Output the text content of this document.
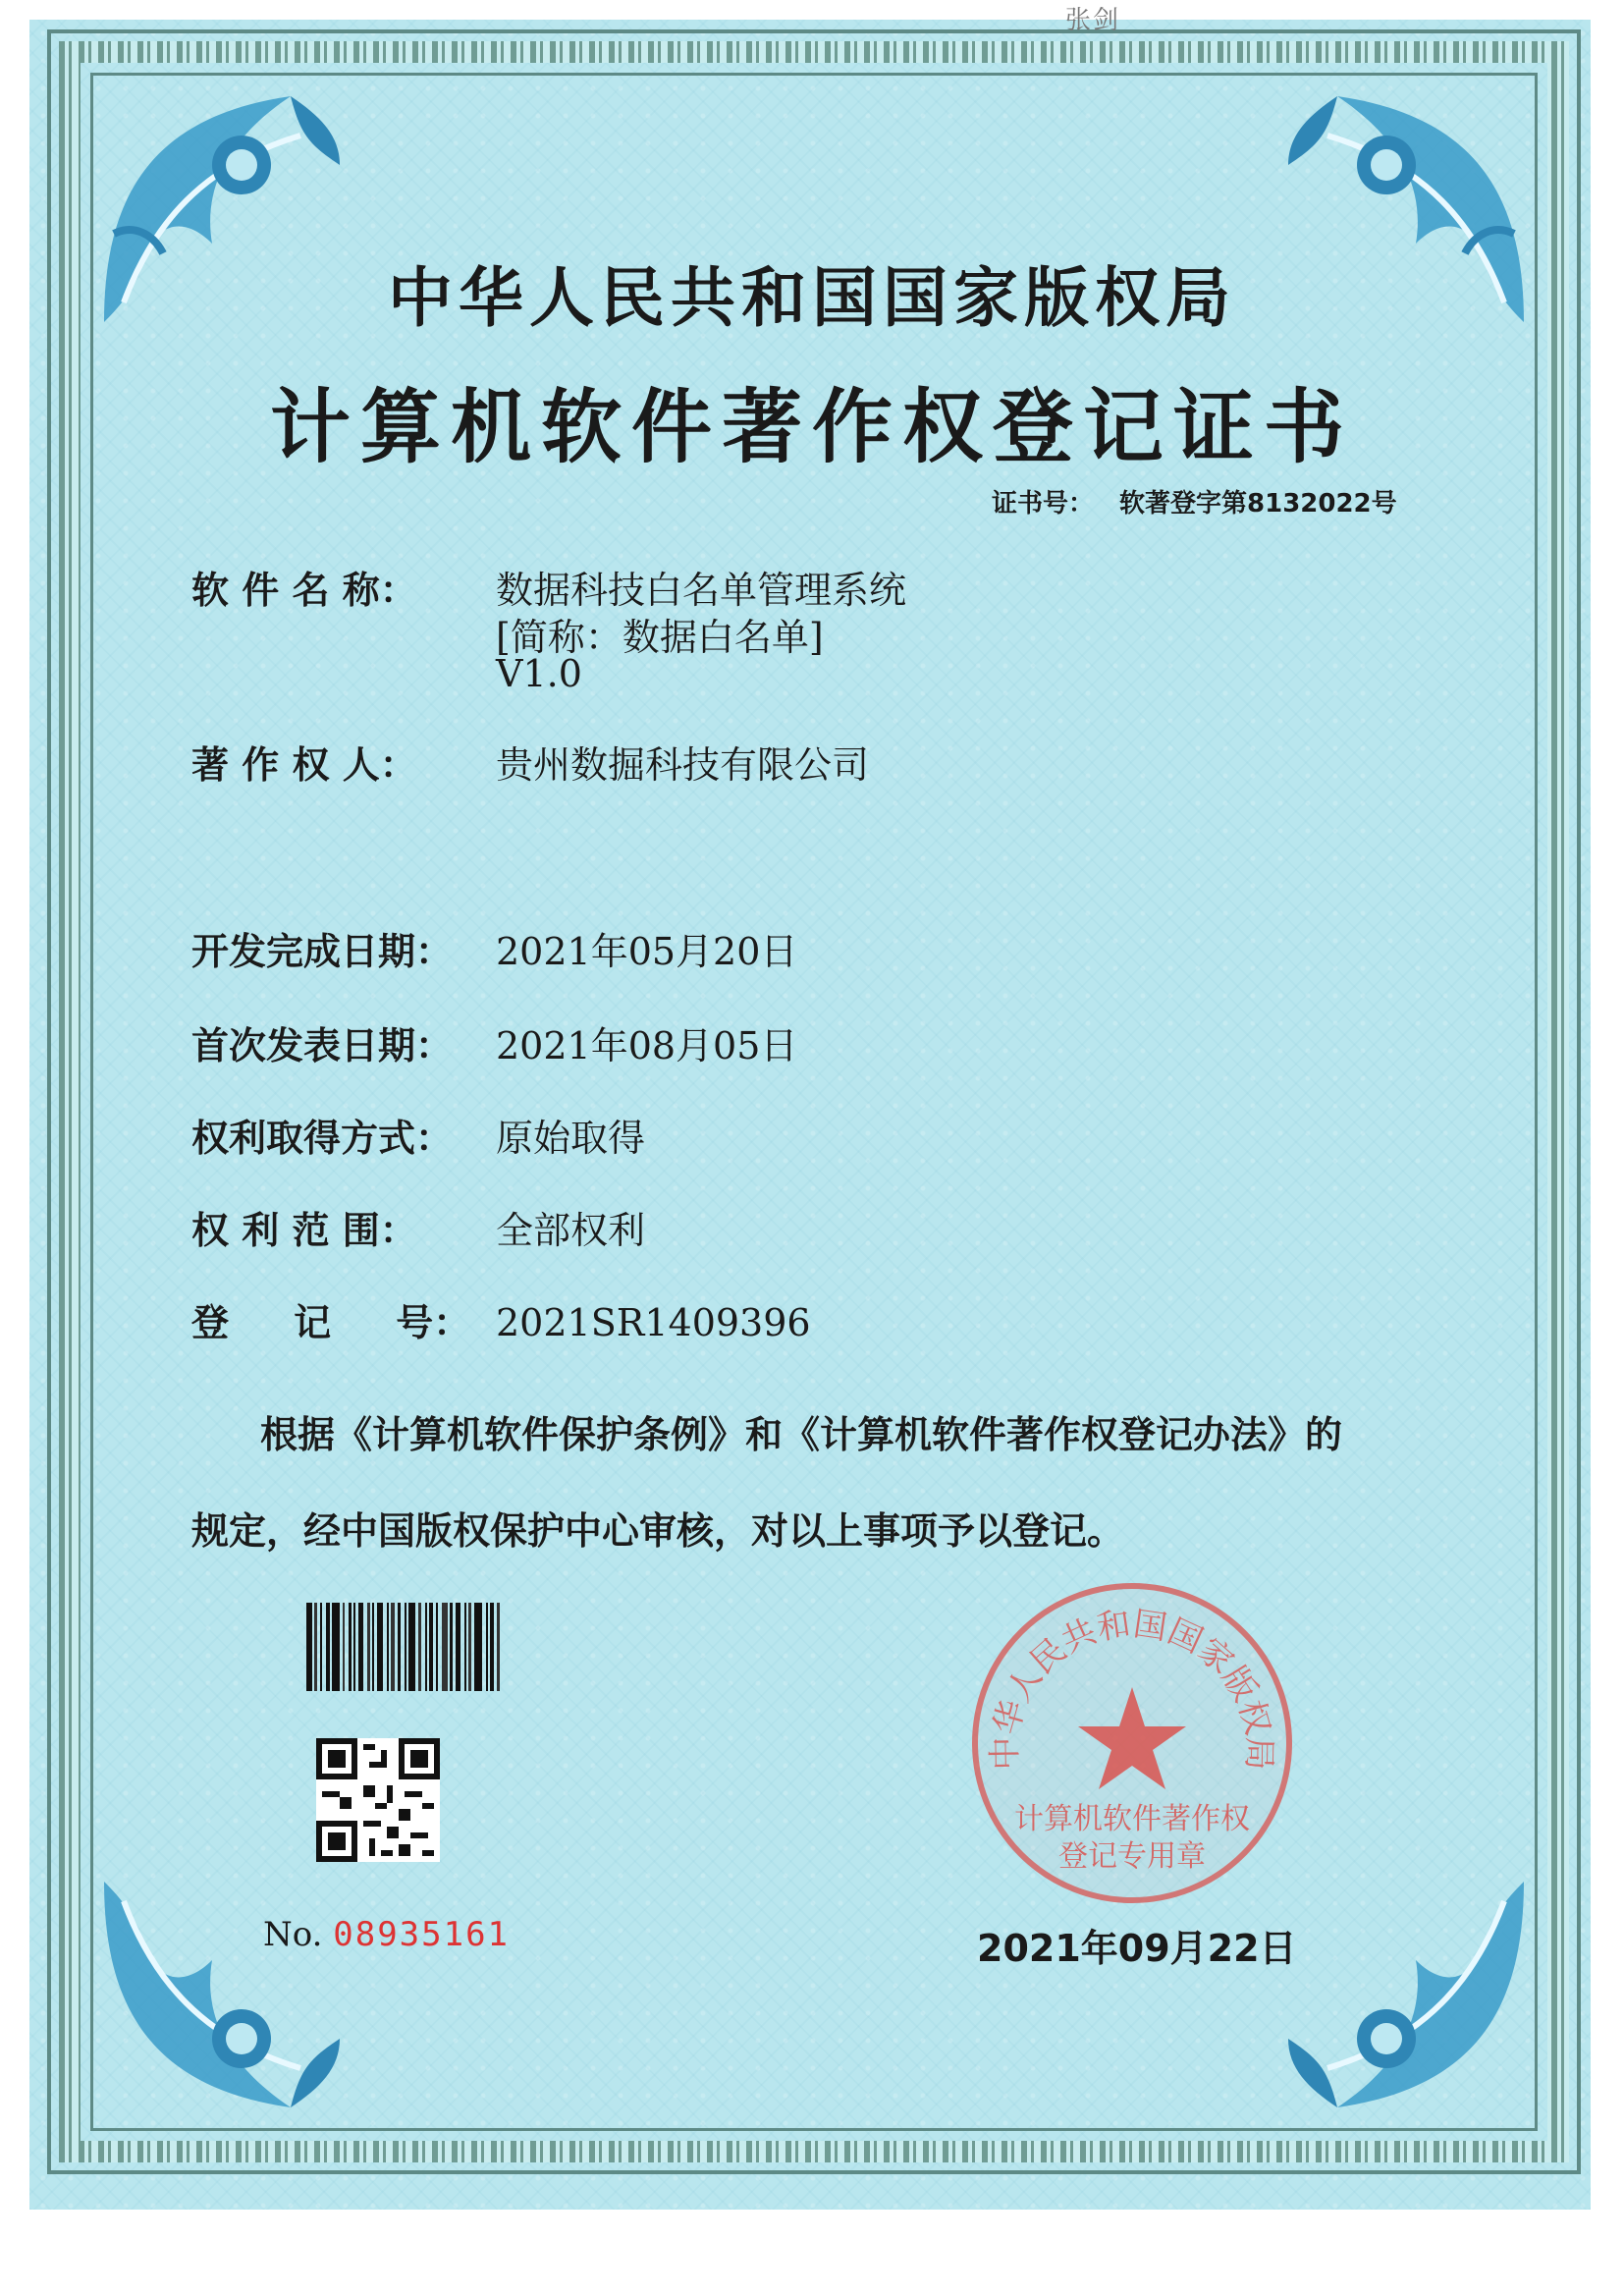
张剑
中华人民共和国国家版权局
计算机软件著作权登记证书
证书号： 软著登字第8132022号
软 件 名 称： 数据科技白名单管理系统
[简称：数据白名单]
V1.0
著 作 权 人： 贵州数掘科技有限公司
开发完成日期： 2021年05月20日
首次发表日期： 2021年08月05日
权利取得方式： 原始取得
权 利 范 围： 全部权利
登     记     号： 2021SR1409396
根据《计算机软件保护条例》和《计算机软件著作权登记办法》的
规定，经中国版权保护中心审核，对以上事项予以登记。
No. 08935161
中华人民共和国国家版权局
计算机软件著作权
登记专用章
2021年09月22日
